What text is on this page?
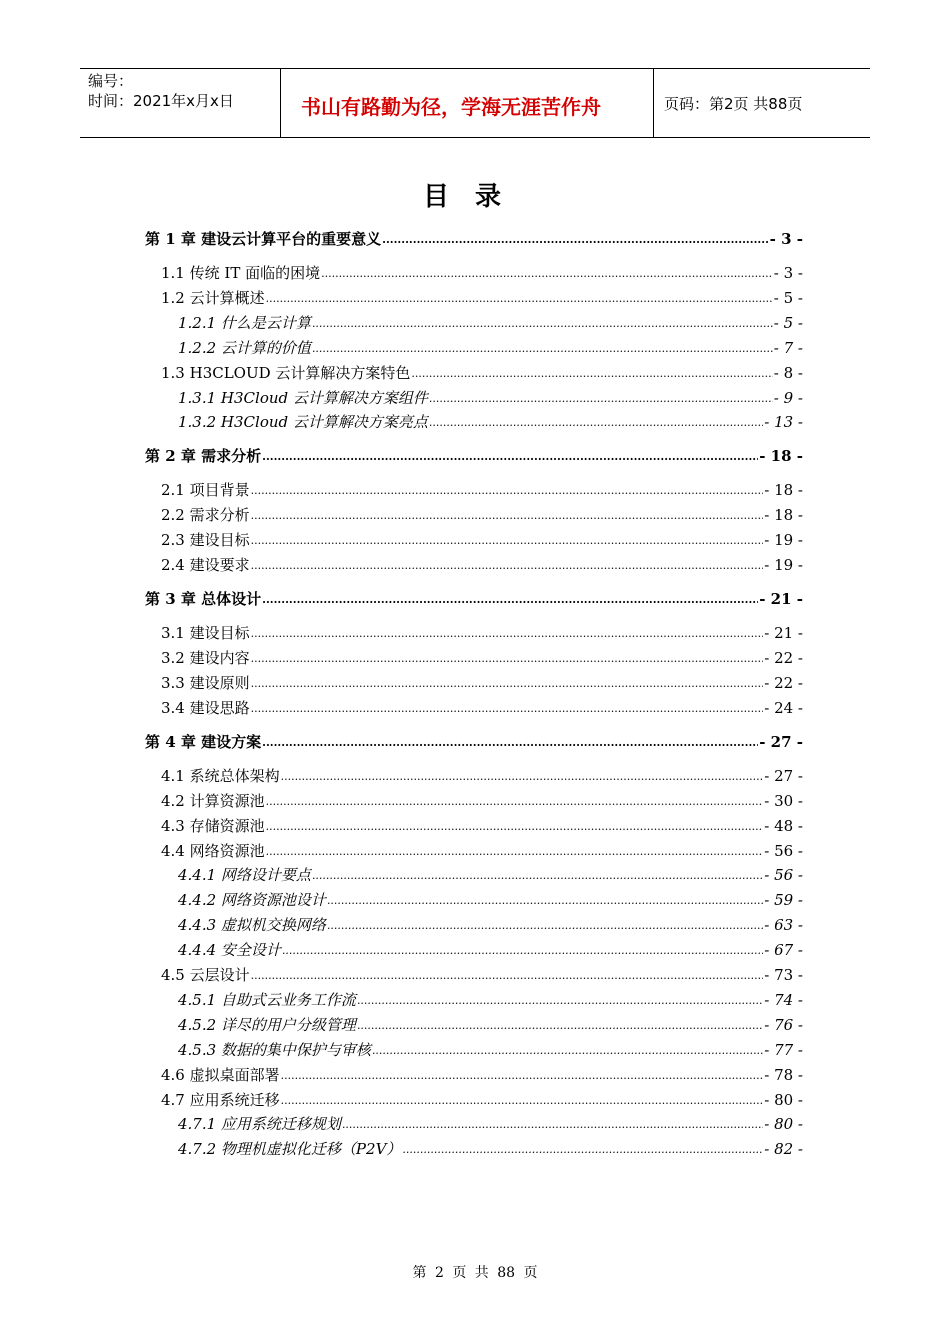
编号：
时间：2021年x月x日	书山有路勤为径，学海无涯苦作舟	页码：第2页 共88页
目录
第 1 章 建设云计算平台的重要意义 .....	- 3 -
1.1 传统 IT 面临的困境 .....	- 3 -
1.2 云计算概述 .....	- 5 -
1.2.1 什么是云计算 .....	- 5 -
1.2.2 云计算的价值 .....	- 7 -
1.3 H3CLOUD 云计算解决方案特色 .....	- 8 -
1.3.1 H3Cloud 云计算解决方案组件 .....	- 9 -
1.3.2 H3Cloud 云计算解决方案亮点 .....	- 13 -
第 2 章 需求分析 .....	- 18 -
2.1 项目背景 .....	- 18 -
2.2 需求分析 .....	- 18 -
2.3 建设目标 .....	- 19 -
2.4 建设要求 .....	- 19 -
第 3 章 总体设计 .....	- 21 -
3.1 建设目标 .....	- 21 -
3.2 建设内容 .....	- 22 -
3.3 建设原则 .....	- 22 -
3.4 建设思路 .....	- 24 -
第 4 章 建设方案 .....	- 27 -
4.1 系统总体架构 .....	- 27 -
4.2 计算资源池 .....	- 30 -
4.3 存储资源池 .....	- 48 -
4.4 网络资源池 .....	- 56 -
4.4.1 网络设计要点 .....	- 56 -
4.4.2 网络资源池设计 .....	- 59 -
4.4.3 虚拟机交换网络 .....	- 63 -
4.4.4 安全设计 .....	- 67 -
4.5 云层设计 .....	- 73 -
4.5.1 自助式云业务工作流 .....	- 74 -
4.5.2 详尽的用户分级管理 .....	- 76 -
4.5.3 数据的集中保护与审核 .....	- 77 -
4.6 虚拟桌面部署 .....	- 78 -
4.7 应用系统迁移 .....	- 80 -
4.7.1 应用系统迁移规划 .....	- 80 -
4.7.2 物理机虚拟化迁移（P2V） .....	- 82 -
第 2 页 共 88 页
